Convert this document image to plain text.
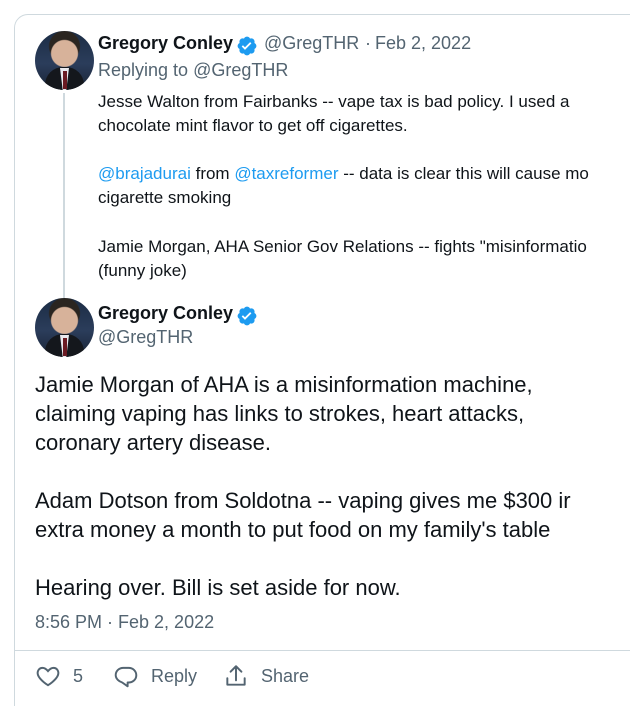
Gregory Conley @GregTHR · Feb 2, 2022
Replying to @GregTHR
Jesse Walton from Fairbanks -- vape tax is bad policy. I used a
chocolate mint flavor to get off cigarettes.
@brajadurai from @taxreformer -- data is clear this will cause mo
cigarette smoking
Jamie Morgan, AHA Senior Gov Relations -- fights "misinformatio
(funny joke)
Gregory Conley
@GregTHR
Jamie Morgan of AHA is a misinformation machine,
claiming vaping has links to strokes, heart attacks,
coronary artery disease.
Adam Dotson from Soldotna -- vaping gives me $300 ir
extra money a month to put food on my family's table
Hearing over. Bill is set aside for now.
8:56 PM · Feb 2, 2022
5	Reply	Share
